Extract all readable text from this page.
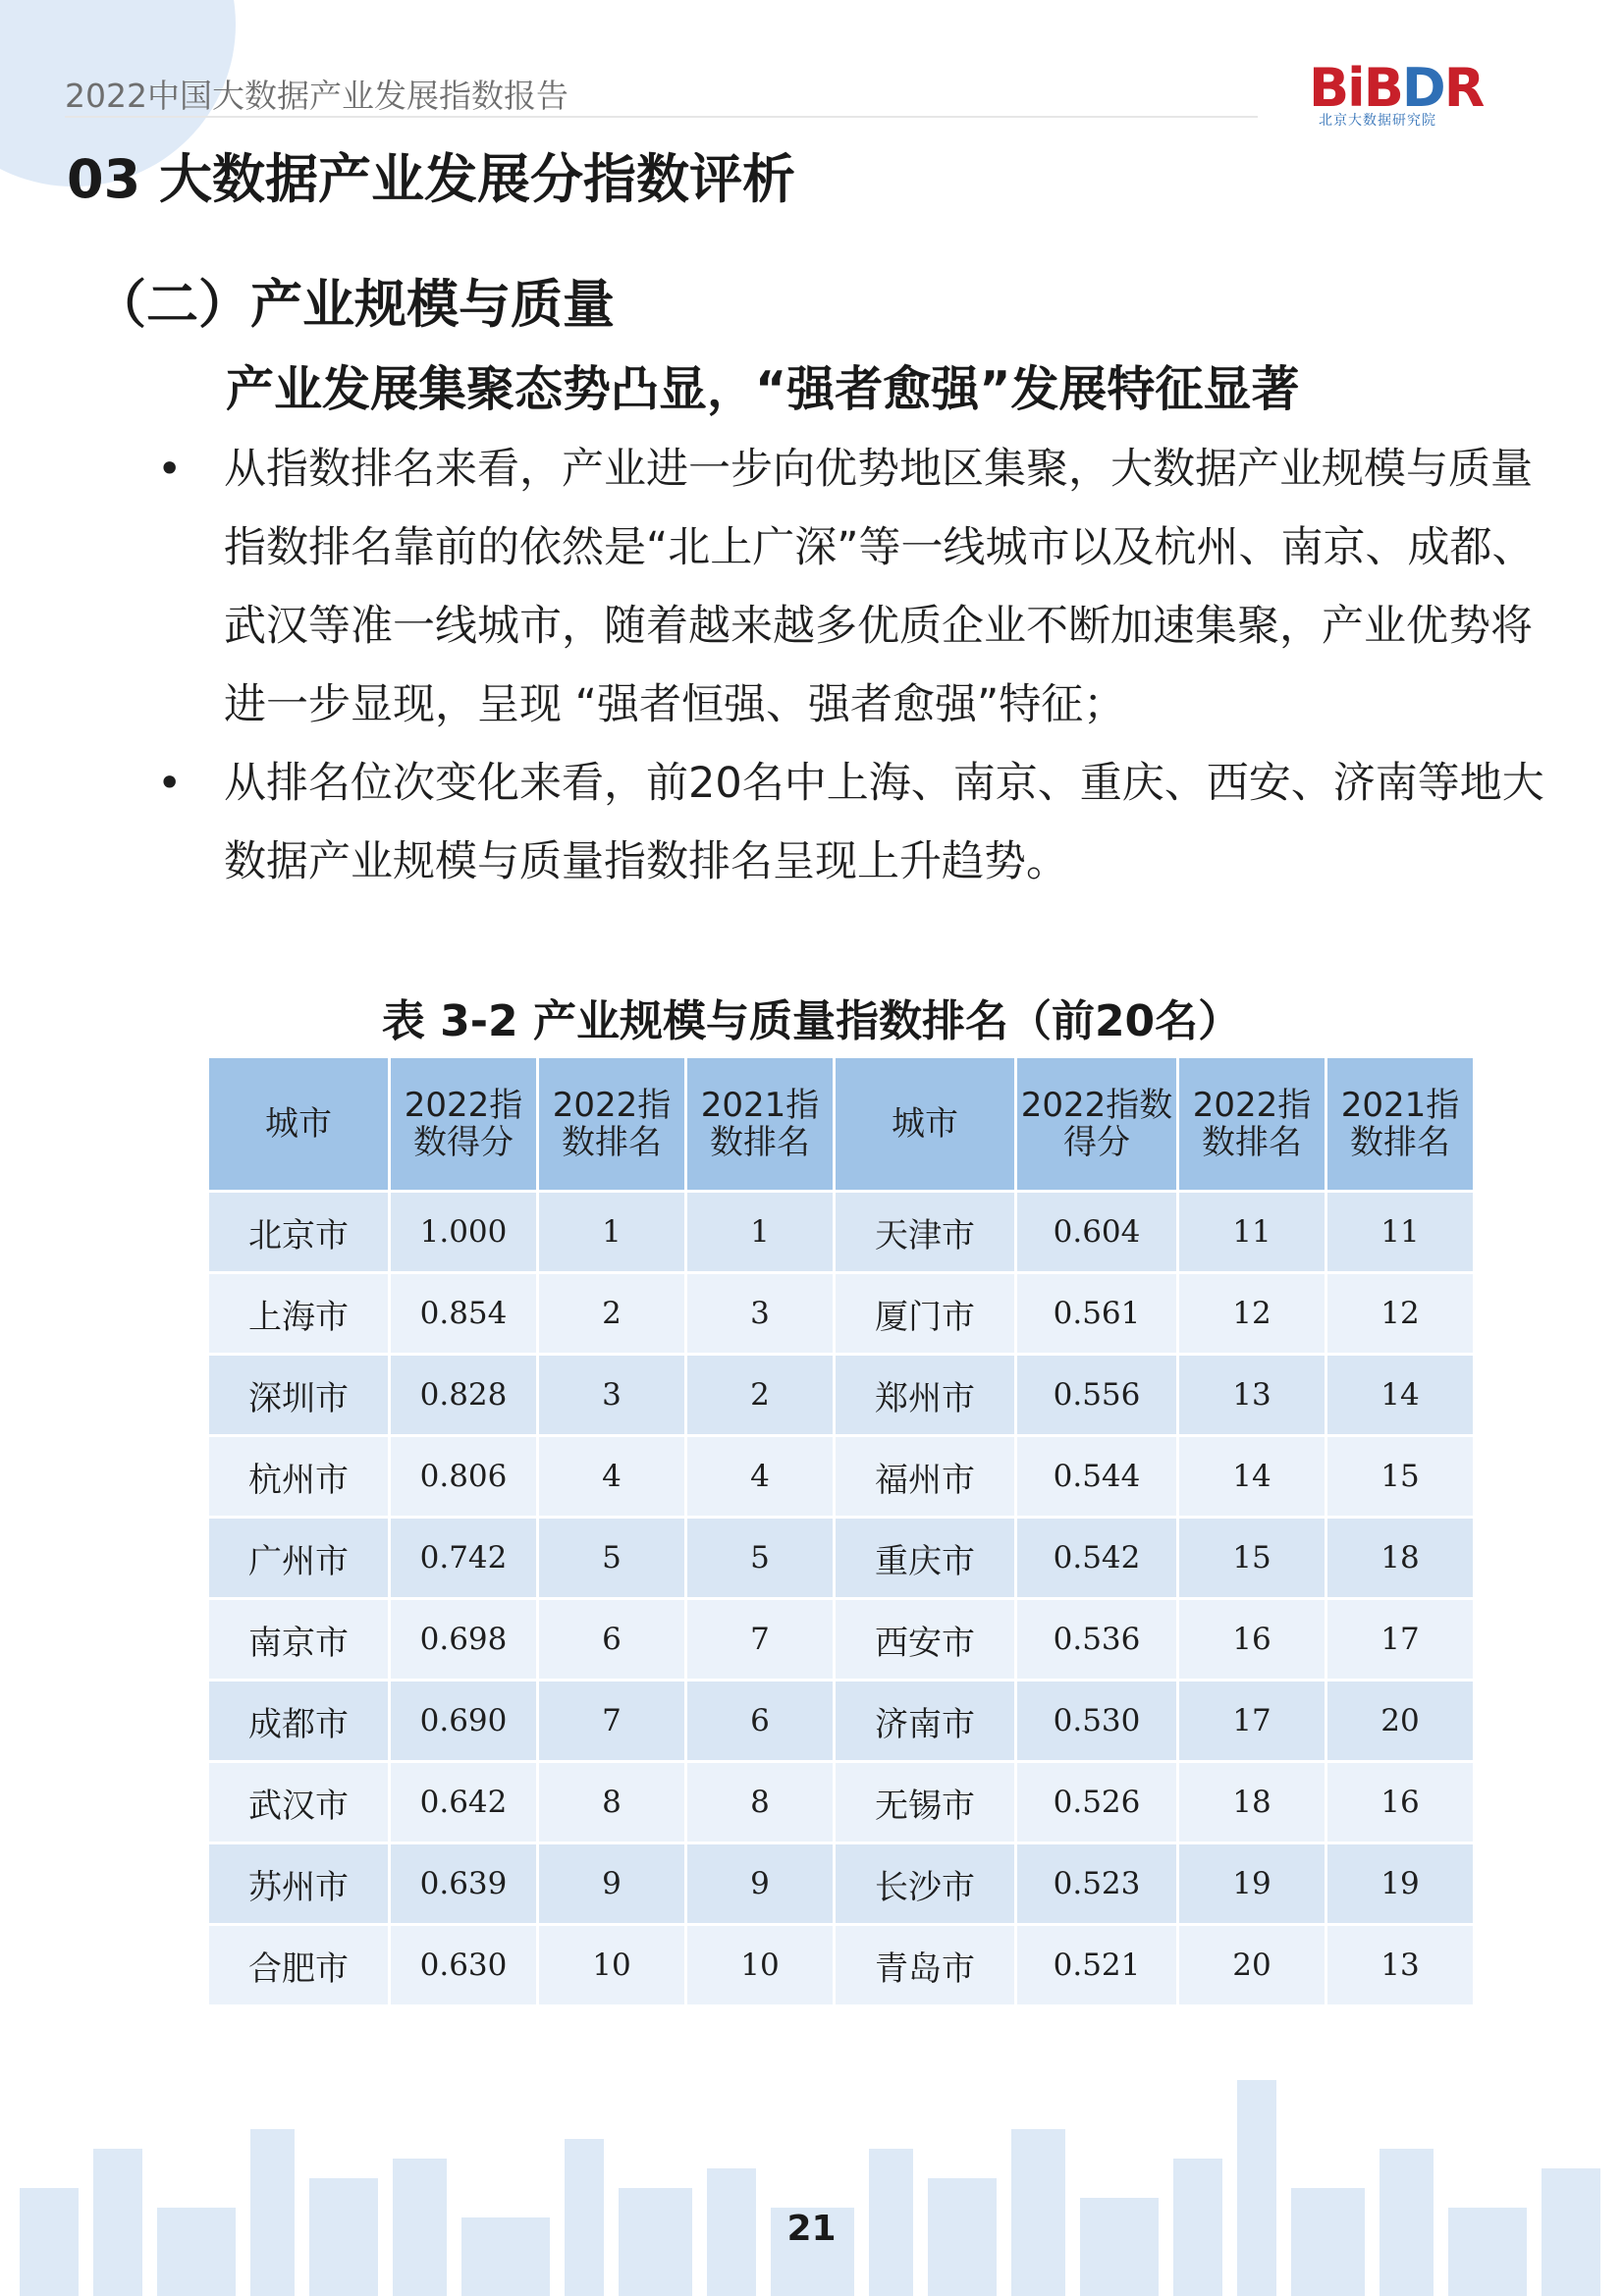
2022中国大数据产业发展指数报告	BiBDR
北京大数据研究院
03 大数据产业发展分指数评析
（二）产业规模与质量
产业发展集聚态势凸显，“强者愈强”发展特征显著
• 从指数排名来看，产业进一步向优势地区集聚，大数据产业规模与质量指数排名靠前的依然是“北上广深”等一线城市以及杭州、南京、成都、武汉等准一线城市，随着越来越多优质企业不断加速集聚，产业优势将进一步显现，呈现 “强者恒强、强者愈强”特征；
• 从排名位次变化来看，前20名中上海、南京、重庆、西安、济南等地大数据产业规模与质量指数排名呈现上升趋势。
表 3-2 产业规模与质量指数排名（前20名）
城市	2022指数得分	2022指数排名	2021指数排名	城市	2022指数得分	2022指数排名	2021指数排名
北京市	1.000	1	1	天津市	0.604	11	11
上海市	0.854	2	3	厦门市	0.561	12	12
深圳市	0.828	3	2	郑州市	0.556	13	14
杭州市	0.806	4	4	福州市	0.544	14	15
广州市	0.742	5	5	重庆市	0.542	15	18
南京市	0.698	6	7	西安市	0.536	16	17
成都市	0.690	7	6	济南市	0.530	17	20
武汉市	0.642	8	8	无锡市	0.526	18	16
苏州市	0.639	9	9	长沙市	0.523	19	19
合肥市	0.630	10	10	青岛市	0.521	20	13
21
